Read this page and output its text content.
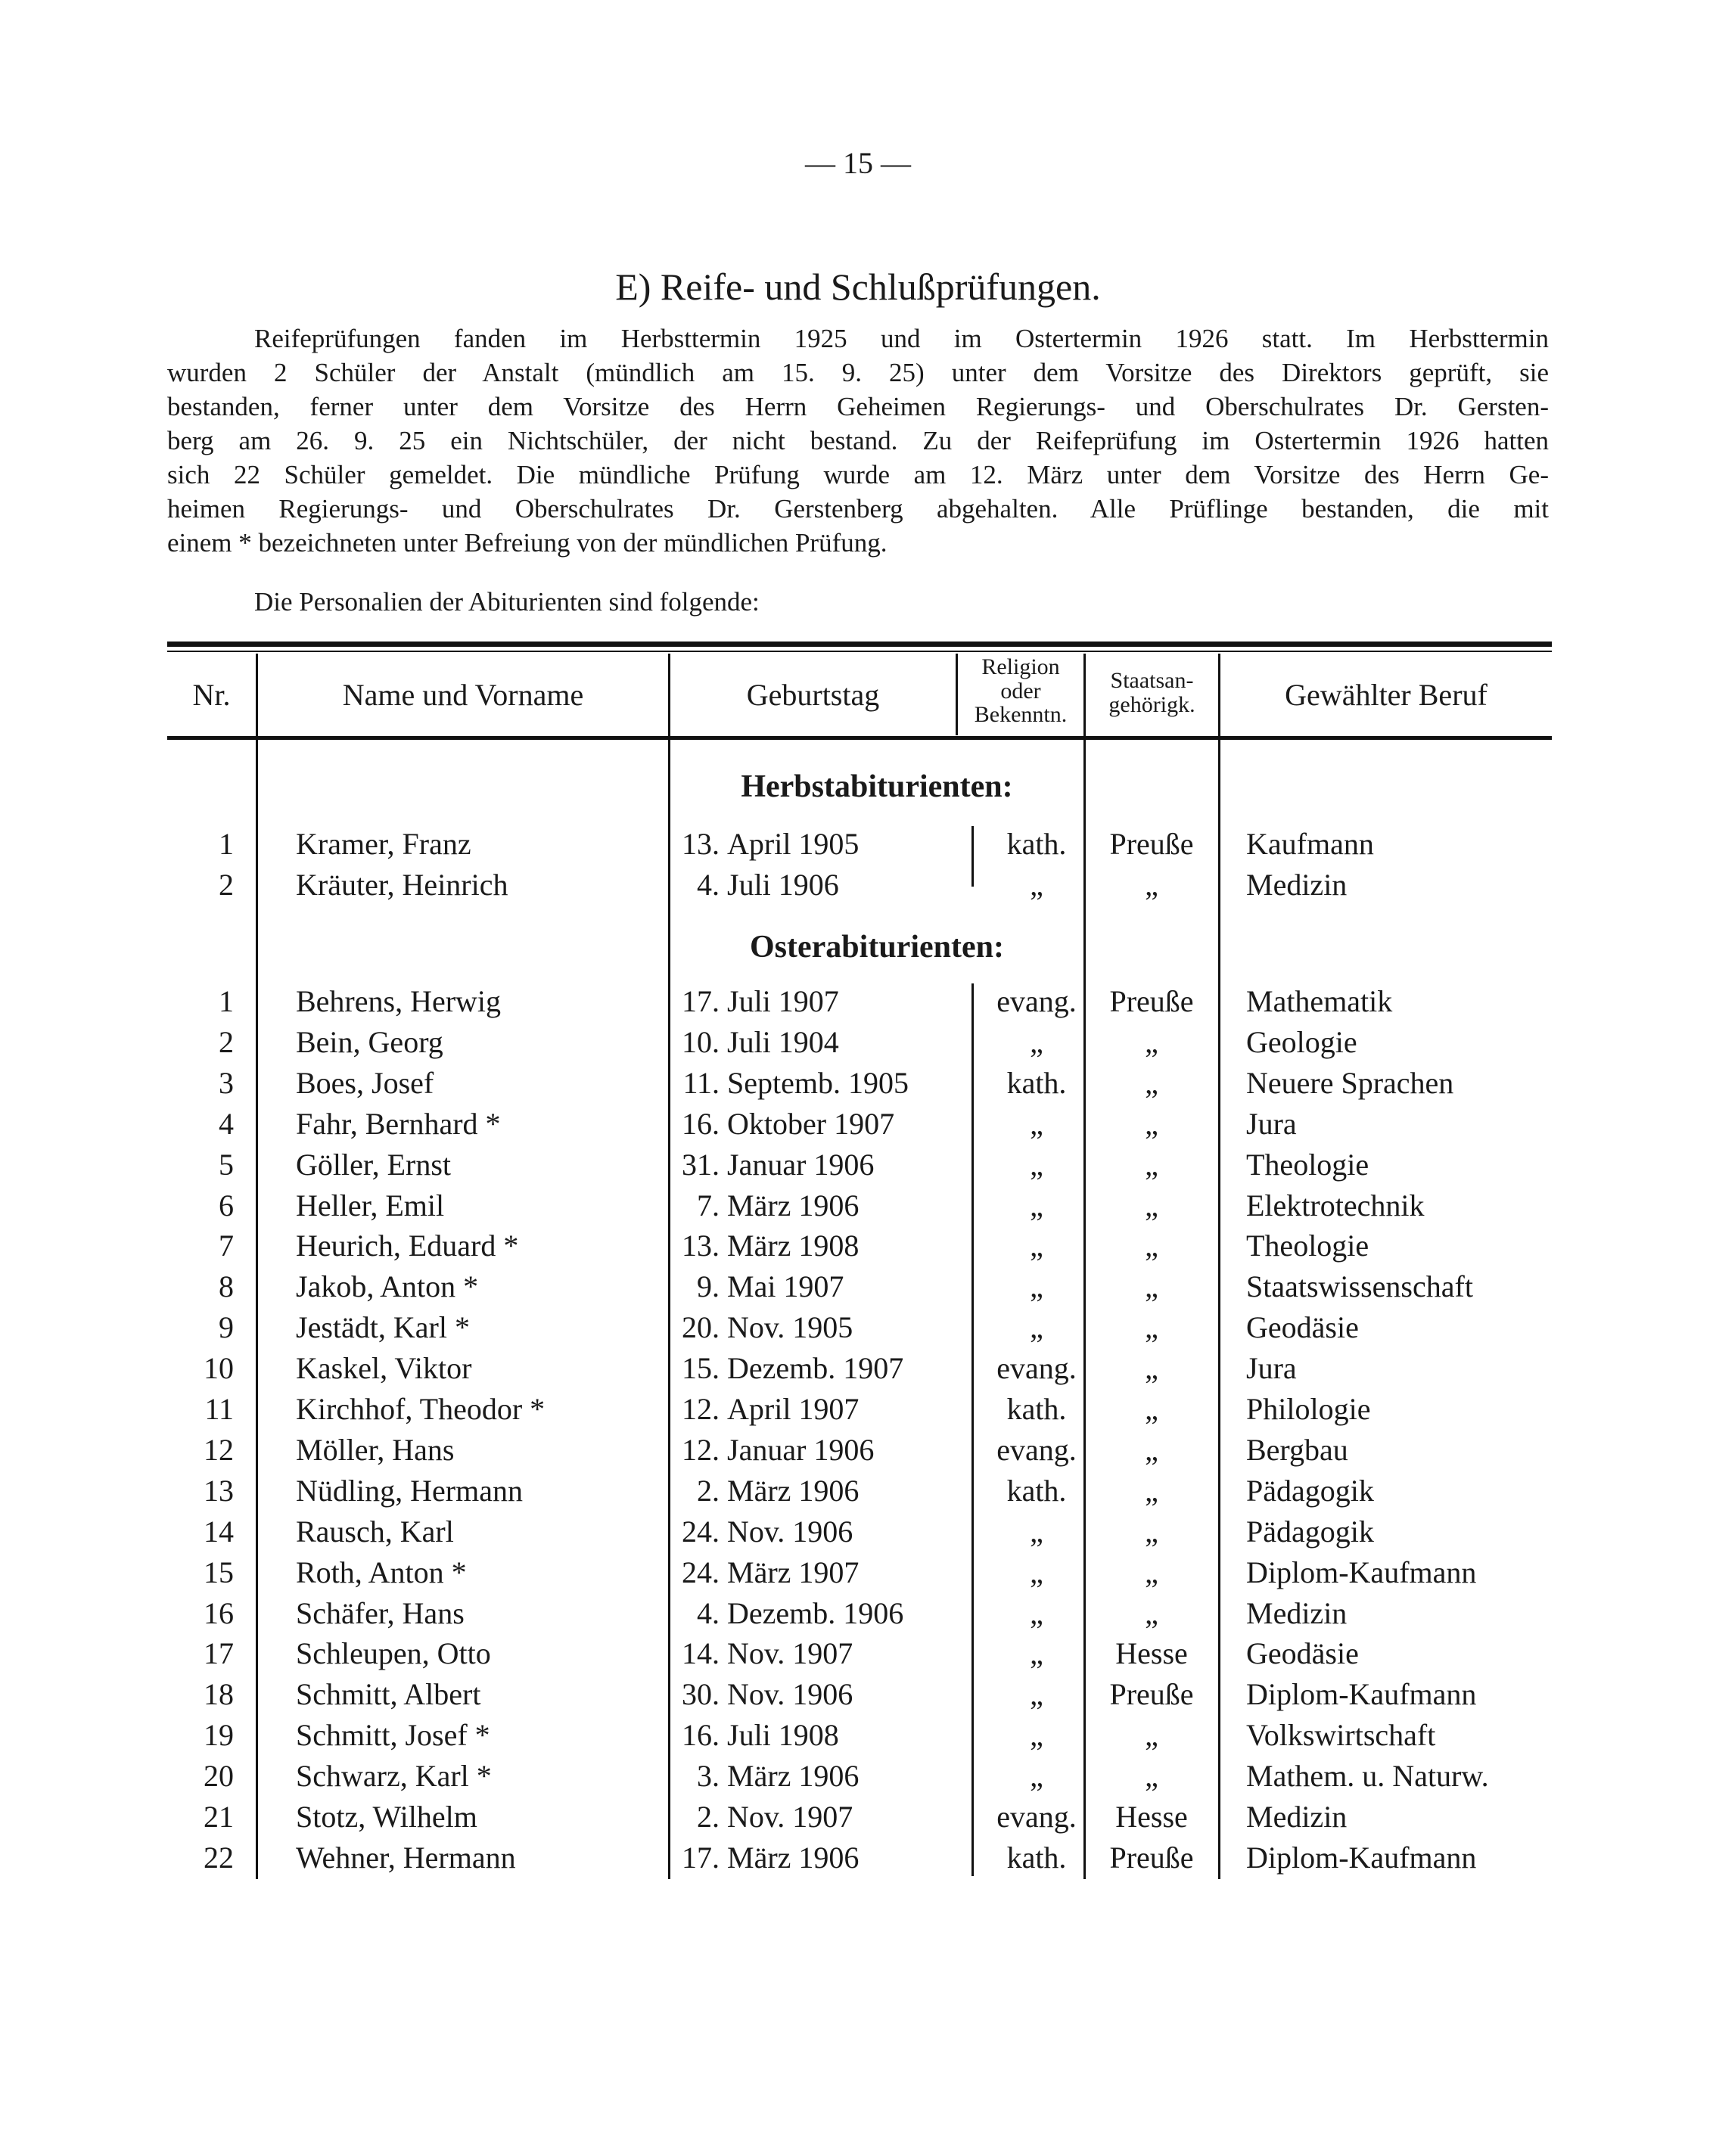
— 15 —
E) Reife- und Schlußprüfungen.
Reifeprüfungen fanden im Herbsttermin 1925 und im Ostertermin 1926 statt. Im Herbsttermin
wurden 2 Schüler der Anstalt (mündlich am 15. 9. 25) unter dem Vorsitze des Direktors geprüft, sie
bestanden, ferner unter dem Vorsitze des Herrn Geheimen Regierungs- und Oberschulrates Dr. Gersten-
berg am 26. 9. 25 ein Nichtschüler, der nicht bestand. Zu der Reifeprüfung im Ostertermin 1926 hatten
sich 22 Schüler gemeldet. Die mündliche Prüfung wurde am 12. März unter dem Vorsitze des Herrn Ge-
heimen Regierungs- und Oberschulrates Dr. Gerstenberg abgehalten. Alle Prüflinge bestanden, die mit
einem * bezeichneten unter Befreiung von der mündlichen Prüfung.
Die Personalien der Abiturienten sind folgende:
Nr.	Name und Vorname	Geburtstag
Religion
oder
Bekenntn.
Staatsan-
gehörigk.	Gewählter Beruf
Herbstabiturienten:
Osterabiturienten:
1 Kramer, Franz	13. April 1905	kath.	Preuße	Kaufmann
2 Kräuter, Heinrich	4. Juli 1906	„	„	Medizin
1 Behrens, Herwig	17. Juli 1907	evang.	Preuße	Mathematik
2 Bein, Georg	10. Juli 1904	„	„	Geologie
3 Boes, Josef	11. Septemb. 1905	kath.	„	Neuere Sprachen
4 Fahr, Bernhard *	16. Oktober 1907	„	„	Jura
5 Göller, Ernst	31. Januar 1906	„	„	Theologie
6 Heller, Emil	7. März 1906	„	„	Elektrotechnik
7 Heurich, Eduard *	13. März 1908	„	„	Theologie
8 Jakob, Anton *	9. Mai 1907	„	„	Staatswissenschaft
9 Jestädt, Karl *	20. Nov. 1905	„	„	Geodäsie
10 Kaskel, Viktor	15. Dezemb. 1907	evang.	„	Jura
11 Kirchhof, Theodor *	12. April 1907	kath.	„	Philologie
12 Möller, Hans	12. Januar 1906	evang.	„	Bergbau
13 Nüdling, Hermann	2. März 1906	kath.	„	Pädagogik
14 Rausch, Karl	24. Nov. 1906	„	„	Pädagogik
15 Roth, Anton *	24. März 1907	„	„	Diplom-Kaufmann
16 Schäfer, Hans	4. Dezemb. 1906	„	„	Medizin
17 Schleupen, Otto	14. Nov. 1907	„	Hesse	Geodäsie
18 Schmitt, Albert	30. Nov. 1906	„	Preuße	Diplom-Kaufmann
19 Schmitt, Josef *	16. Juli 1908	„	„	Volkswirtschaft
20 Schwarz, Karl *	3. März 1906	„	„	Mathem. u. Naturw.
21 Stotz, Wilhelm	2. Nov. 1907	evang.	Hesse	Medizin
22 Wehner, Hermann	17. März 1906	kath.	Preuße	Diplom-Kaufmann
